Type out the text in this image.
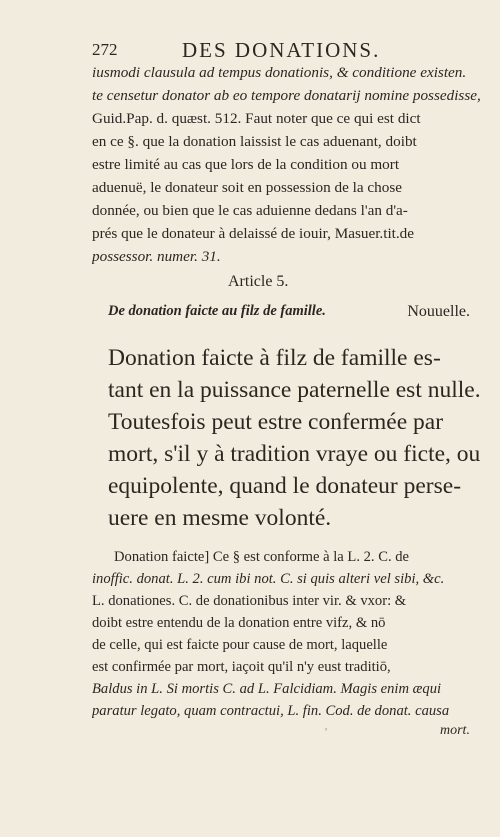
272	DES DONATIONS.
iusmodi clausula ad tempus donationis, & conditione existen.
te censetur donator ab eo tempore donatarij nomine possedisse,
Guid.Pap. d. quæst. 512. Faut noter que ce qui est dict
en ce §. que la donation laissist le cas aduenant, doibt
estre limité au cas que lors de la condition ou mort
aduenuë, le donateur soit en possession de la chose
donnée, ou bien que le cas aduienne dedans l'an d'a-
prés que le donateur à delaissé de iouir, Masuer.tit.de
possessor. numer. 31.
Article 5.
De donation faicte au filz de famille.	Nouuelle.
Donation faicte à filz de famille es-
tant en la puissance paternelle est nulle.
Toutesfois peut estre confermée par
mort, s'il y à tradition vraye ou ficte, ou
equipolente, quand le donateur perse-
uere en mesme volonté.
Donation faicte] Ce § est conforme à la L. 2. C. de
inoffic. donat. L. 2. cum ibi not. C. si quis alteri vel sibi, &c.
L. donationes. C. de donationibus inter vir. & vxor: &
doibt estre entendu de la donation entre vifz, & nō
de celle, qui est faicte pour cause de mort, laquelle
est confirmée par mort, iaçoit qu'il n'y eust traditiō,
Baldus in L. Si mortis C. ad L. Falcidiam. Magis enim æqui
paratur legato, quam contractui, L. fin. Cod. de donat. causa
˒	mort.
